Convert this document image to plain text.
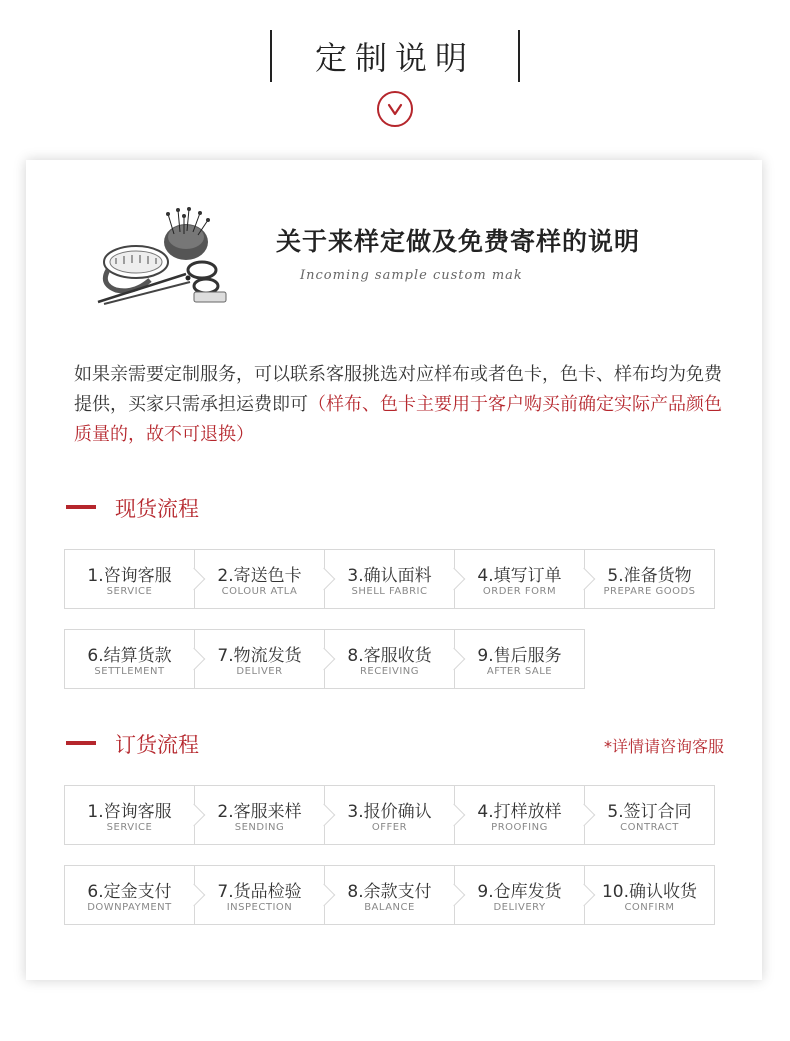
定制说明
关于来样定做及免费寄样的说明
Incoming sample custom mak
如果亲需要定制服务，可以联系客服挑选对应样布或者色卡，色卡、样布均为免费提供，买家只需承担运费即可（样布、色卡主要用于客户购买前确定实际产品颜色质量的，故不可退换）
现货流程
1.咨询客服
SERVICE
2.寄送色卡
COLOUR ATLA
3.确认面料
SHELL FABRIC
4.填写订单
ORDER FORM
5.准备货物
PREPARE GOODS
6.结算货款
SETTLEMENT
7.物流发货
DELIVER
8.客服收货
RECEIVING
9.售后服务
AFTER SALE
订货流程	*详情请咨询客服
1.咨询客服
SERVICE
2.客服来样
SENDING
3.报价确认
OFFER
4.打样放样
PROOFING
5.签订合同
CONTRACT
6.定金支付
DOWNPAYMENT
7.货品检验
INSPECTION
8.余款支付
BALANCE
9.仓库发货
DELIVERY
10.确认收货
CONFIRM
